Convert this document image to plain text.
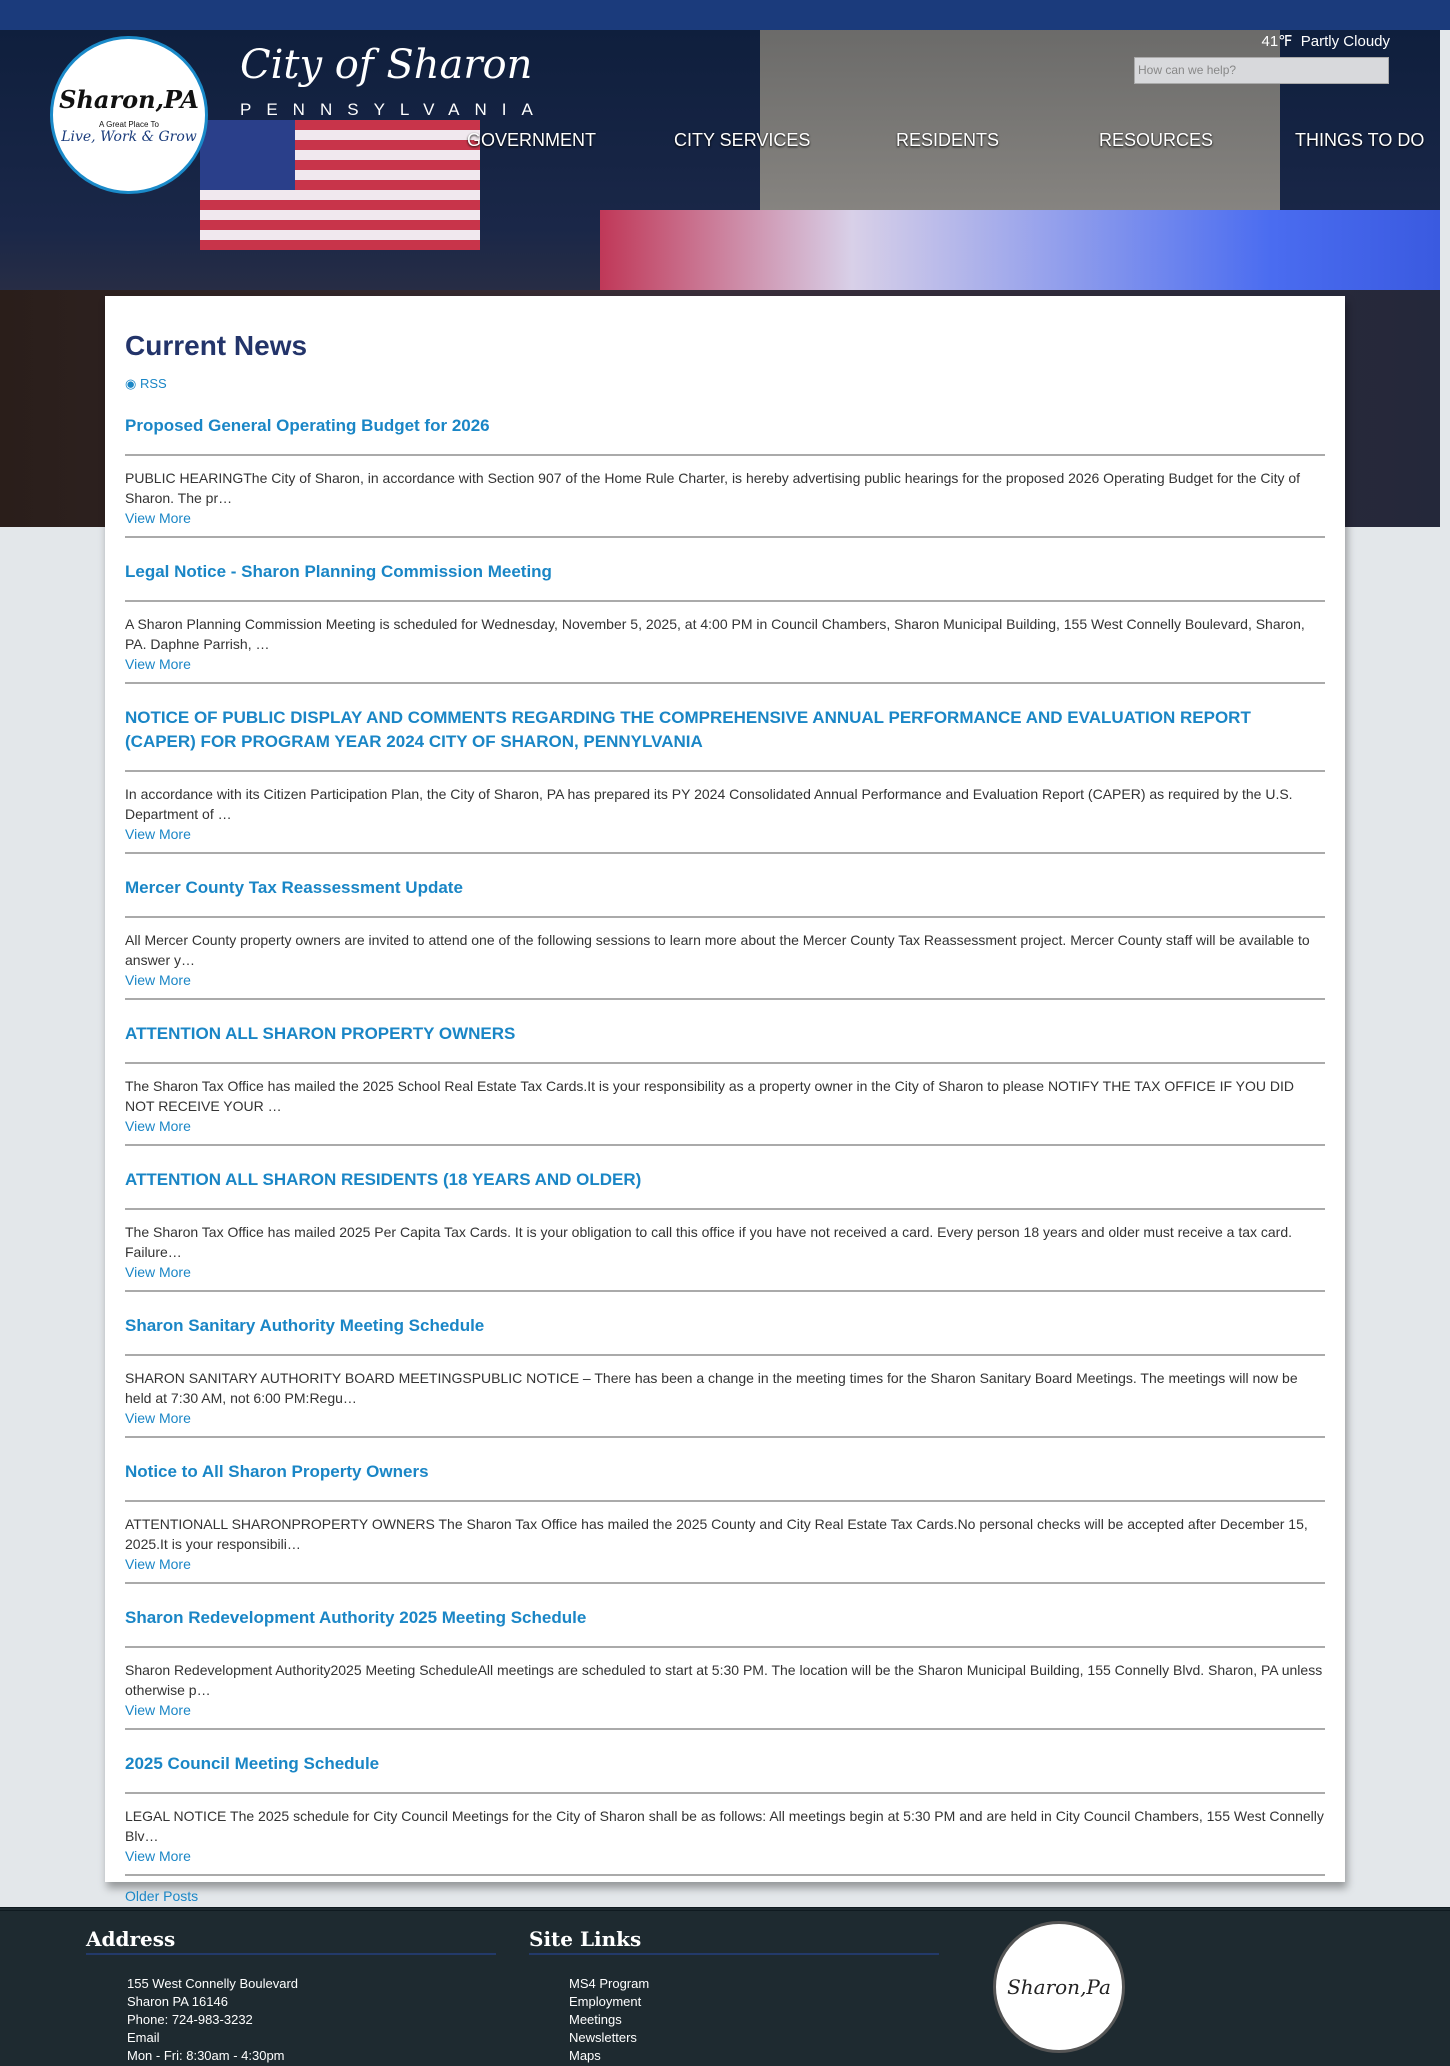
Sharon,PA
A Great Place To
Live, Work & Grow
City of Sharon
PENNSYLVANIA
41℉ Partly Cloudy
How can we help?
GOVERNMENT	CITY SERVICES	RESIDENTS	RESOURCES	THINGS TO DO
Current News
◉ RSS
Proposed General Operating Budget for 2026

PUBLIC HEARINGThe City of Sharon, in accordance with Section 907 of the Home Rule Charter, is hereby advertising public hearings for the proposed 2026 Operating Budget for the City of Sharon. The pr…

View More
Legal Notice - Sharon Planning Commission Meeting

A Sharon Planning Commission Meeting is scheduled for Wednesday, November 5, 2025, at 4:00 PM in Council Chambers, Sharon Municipal Building, 155 West Connelly Boulevard, Sharon, PA. Daphne Parrish, …

View More
NOTICE OF PUBLIC DISPLAY AND COMMENTS REGARDING THE COMPREHENSIVE ANNUAL PERFORMANCE AND EVALUATION REPORT (CAPER) FOR PROGRAM YEAR 2024 CITY OF SHARON, PENNYLVANIA

In accordance with its Citizen Participation Plan, the City of Sharon, PA has prepared its PY 2024 Consolidated Annual Performance and Evaluation Report (CAPER) as required by the U.S. Department of …

View More
Mercer County Tax Reassessment Update

All Mercer County property owners are invited to attend one of the following sessions to learn more about the Mercer County Tax Reassessment project. Mercer County staff will be available to answer y…

View More
ATTENTION ALL SHARON PROPERTY OWNERS

The Sharon Tax Office has mailed the 2025 School Real Estate Tax Cards.It is your responsibility as a property owner in the City of Sharon to please NOTIFY THE TAX OFFICE IF YOU DID NOT RECEIVE YOUR …

View More
ATTENTION ALL SHARON RESIDENTS (18 YEARS AND OLDER)

The Sharon Tax Office has mailed 2025 Per Capita Tax Cards. It is your obligation to call this office if you have not received a card. Every person 18 years and older must receive a tax card. Failure…

View More
Sharon Sanitary Authority Meeting Schedule

SHARON SANITARY AUTHORITY BOARD MEETINGSPUBLIC NOTICE – There has been a change in the meeting times for the Sharon Sanitary Board Meetings. The meetings will now be held at 7:30 AM, not 6:00 PM:Regu…

View More
Notice to All Sharon Property Owners

ATTENTIONALL SHARONPROPERTY OWNERS The Sharon Tax Office has mailed the 2025 County and City Real Estate Tax Cards.No personal checks will be accepted after December 15, 2025.It is your responsibili…

View More
Sharon Redevelopment Authority 2025 Meeting Schedule

Sharon Redevelopment Authority2025 Meeting ScheduleAll meetings are scheduled to start at 5:30 PM. The location will be the Sharon Municipal Building, 155 Connelly Blvd. Sharon, PA unless otherwise p…

View More
2025 Council Meeting Schedule

LEGAL NOTICE The 2025 schedule for City Council Meetings for the City of Sharon shall be as follows: All meetings begin at 5:30 PM and are held in City Council Chambers, 155 West Connelly Blv…

View More
Older Posts
Address
155 West Connelly Boulevard
Sharon PA 16146
Phone: 724-983-3232
Email
Mon - Fri: 8:30am - 4:30pm
Site Links
MS4 Program
Employment
Meetings
Newsletters
Maps
Sharon,Pa
